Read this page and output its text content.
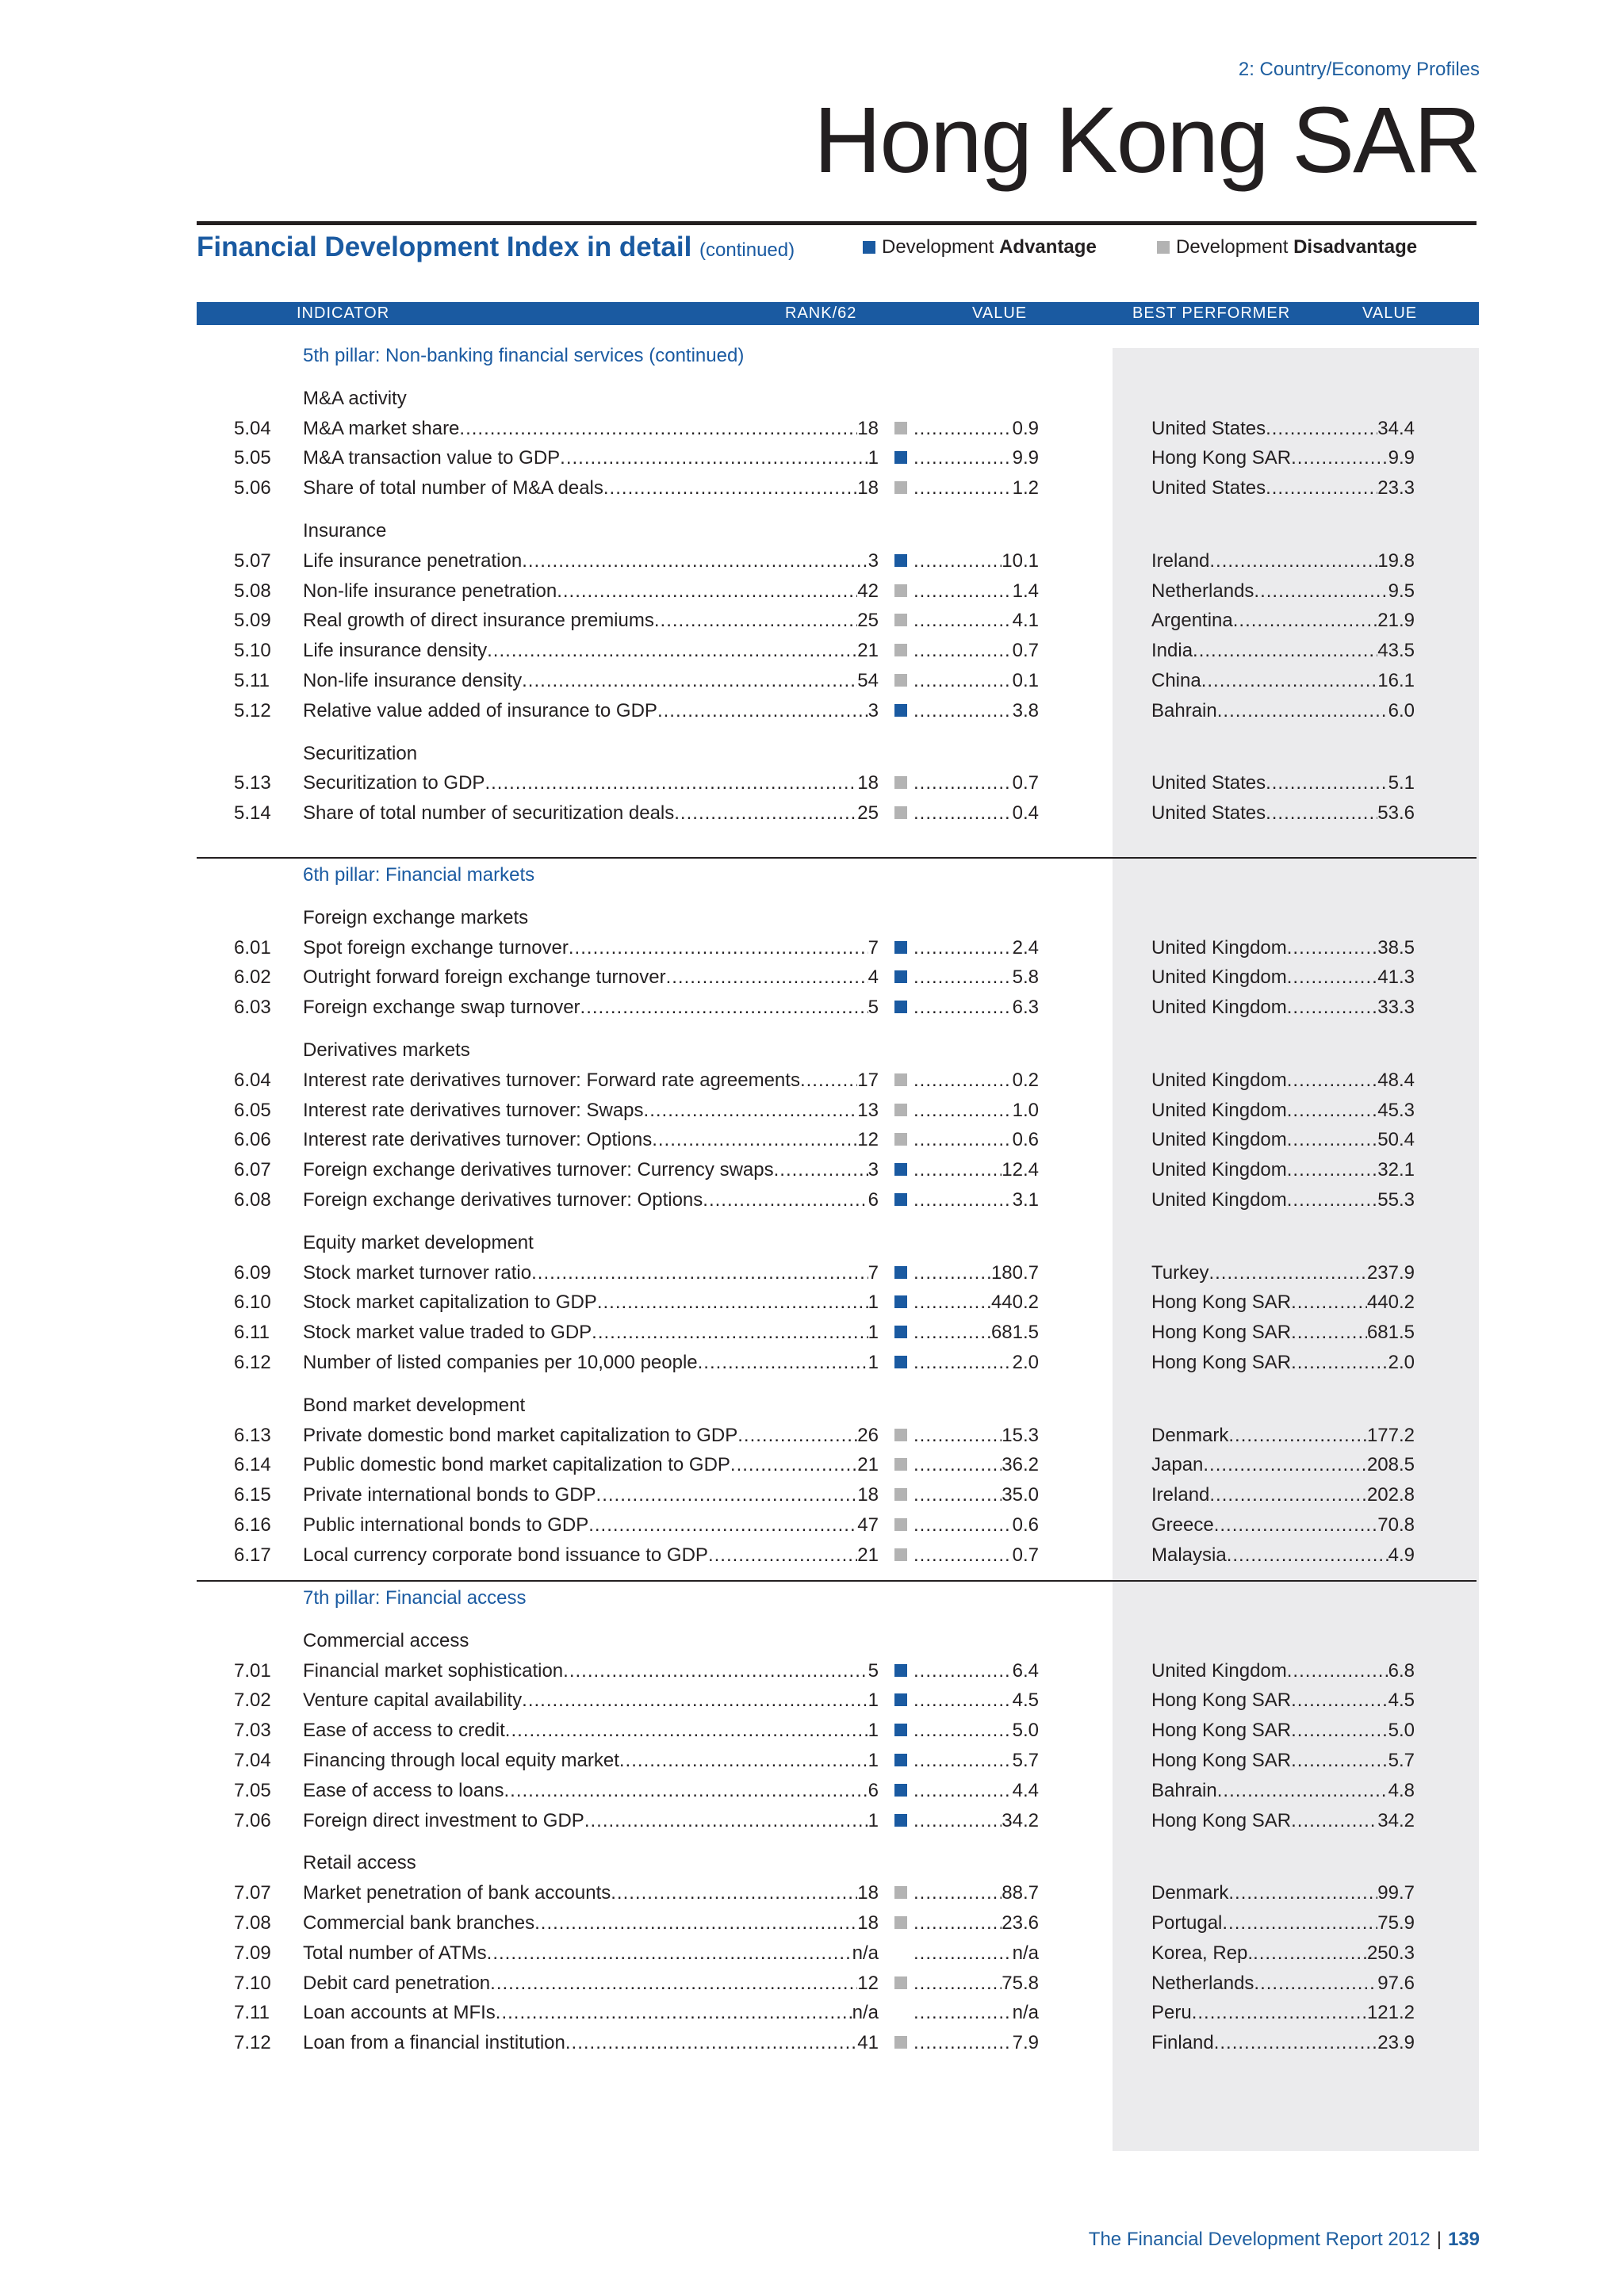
2: Country/Economy Profiles
Hong Kong SAR
Financial Development Index in detail (continued)	Development
Advantage	Development
Disadvantage
INDICATOR	RANK/62	VALUE	BEST PERFORMER	VALUE
5th pillar: Non-banking financial services (continued)
M&A activity
5.04 M&A market share .....	18 .....	0.9	United States .....	34.4
5.05 M&A transaction value to GDP .....	1 .....	9.9	Hong Kong SAR .....	9.9
5.06 Share of total number of M&A deals .....	18 .....	1.2	United States .....	23.3
Insurance
5.07 Life insurance penetration .....	3 .....	10.1	Ireland .....	19.8
5.08 Non-life insurance penetration .....	42 .....	1.4	Netherlands .....	9.5
5.09 Real growth of direct insurance premiums .....	25 .....	4.1	Argentina .....	21.9
5.10 Life insurance density .....	21 .....	0.7	India .....	43.5
5.11 Non-life insurance density .....	54 .....	0.1	China .....	16.1
5.12 Relative value added of insurance to GDP .....	3 .....	3.8	Bahrain .....	6.0
Securitization
5.13 Securitization to GDP .....	18 .....	0.7	United States .....	5.1
5.14 Share of total number of securitization deals .....	25 .....	0.4	United States .....	53.6
6th pillar: Financial markets
Foreign exchange markets
6.01 Spot foreign exchange turnover .....	7 .....	2.4	United Kingdom .....	38.5
6.02 Outright forward foreign exchange turnover .....	4 .....	5.8	United Kingdom .....	41.3
6.03 Foreign exchange swap turnover .....	5 .....	6.3	United Kingdom .....	33.3
Derivatives markets
6.04 Interest rate derivatives turnover: Forward rate agreements .....	17 .....	0.2	United Kingdom .....	48.4
6.05 Interest rate derivatives turnover: Swaps .....	13 .....	1.0	United Kingdom .....	45.3
6.06 Interest rate derivatives turnover: Options .....	12 .....	0.6	United Kingdom .....	50.4
6.07 Foreign exchange derivatives turnover: Currency swaps .....	3 .....	12.4	United Kingdom .....	32.1
6.08 Foreign exchange derivatives turnover: Options .....	6 .....	3.1	United Kingdom .....	55.3
Equity market development
6.09 Stock market turnover ratio .....	7 .....	180.7	Turkey .....	237.9
6.10 Stock market capitalization to GDP .....	1 .....	440.2	Hong Kong SAR .....	440.2
6.11 Stock market value traded to GDP .....	1 .....	681.5	Hong Kong SAR .....	681.5
6.12 Number of listed companies per 10,000 people .....	1 .....	2.0	Hong Kong SAR .....	2.0
Bond market development
6.13 Private domestic bond market capitalization to GDP .....	26 .....	15.3	Denmark .....	177.2
6.14 Public domestic bond market capitalization to GDP .....	21 .....	36.2	Japan .....	208.5
6.15 Private international bonds to GDP .....	18 .....	35.0	Ireland .....	202.8
6.16 Public international bonds to GDP .....	47 .....	0.6	Greece .....	70.8
6.17 Local currency corporate bond issuance to GDP .....	21 .....	0.7	Malaysia .....	4.9
7th pillar: Financial access
Commercial access
7.01 Financial market sophistication .....	5 .....	6.4	United Kingdom .....	6.8
7.02 Venture capital availability .....	1 .....	4.5	Hong Kong SAR .....	4.5
7.03 Ease of access to credit .....	1 .....	5.0	Hong Kong SAR .....	5.0
7.04 Financing through local equity market .....	1 .....	5.7	Hong Kong SAR .....	5.7
7.05 Ease of access to loans .....	6 .....	4.4	Bahrain .....	4.8
7.06 Foreign direct investment to GDP .....	1 .....	34.2	Hong Kong SAR .....	34.2
Retail access
7.07 Market penetration of bank accounts .....	18 .....	88.7	Denmark .....	99.7
7.08 Commercial bank branches .....	18 .....	23.6	Portugal .....	75.9
7.09 Total number of ATMs .....	n/a .....	n/a	Korea, Rep. .....	250.3
7.10 Debit card penetration .....	12 .....	75.8	Netherlands .....	97.6
7.11 Loan accounts at MFIs .....	n/a .....	n/a	Peru .....	121.2
7.12 Loan from a financial institution .....	41 .....	7.9	Finland .....	23.9
The Financial Development Report 2012 | 139
